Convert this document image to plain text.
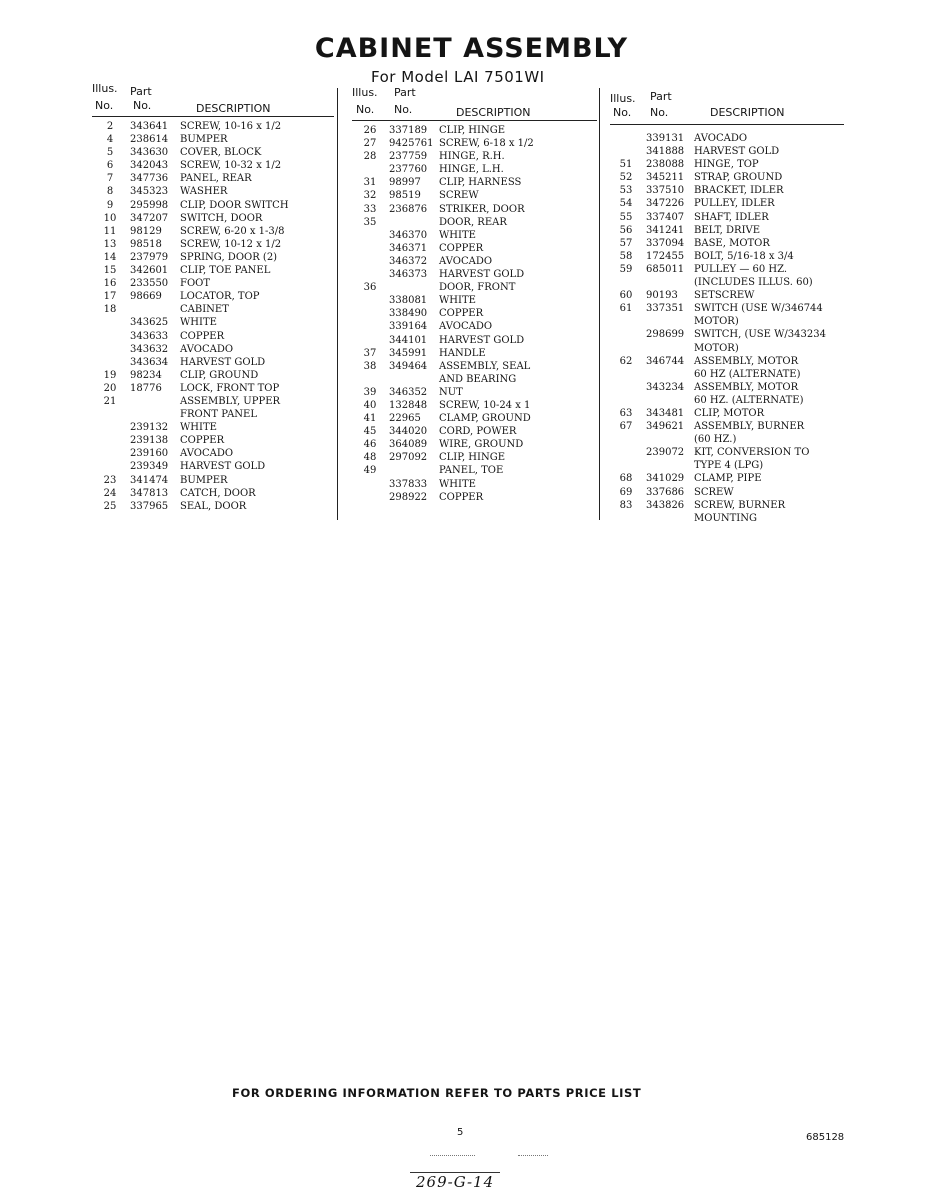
CABINET ASSEMBLY
For Model LAI 7501WI
Illus.
No.
Part
No.	DESCRIPTION
2	343641 SCREW, 10-16 x 1/2
4	238614 BUMPER
5	343630 COVER, BLOCK
6	342043 SCREW, 10-32 x 1/2
7	347736 PANEL, REAR
8	345323 WASHER
9	295998 CLIP, DOOR SWITCH
10	347207 SWITCH, DOOR
11	98129 SCREW, 6-20 x 1-3/8
13	98518 SCREW, 10-12 x 1/2
14	237979 SPRING, DOOR (2)
15	342601 CLIP, TOE PANEL
16	233550 FOOT
17	98669 LOCATOR, TOP
18	CABINET
343625 WHITE
343633 COPPER
343632 AVOCADO
343634 HARVEST GOLD
19	98234 CLIP, GROUND
20	18776 LOCK, FRONT TOP
21	ASSEMBLY, UPPER
FRONT PANEL
239132 WHITE
239138 COPPER
239160 AVOCADO
239349 HARVEST GOLD
23	341474 BUMPER
24	347813 CATCH, DOOR
25	337965 SEAL, DOOR
Illus.
No.
Part
No.	DESCRIPTION
26	337189 CLIP, HINGE
27	9425761 SCREW, 6-18 x 1/2
28	237759 HINGE, R.H.
237760 HINGE, L.H.
31	98997 CLIP, HARNESS
32	98519 SCREW
33	236876 STRIKER, DOOR
35	DOOR, REAR
346370 WHITE
346371 COPPER
346372 AVOCADO
346373 HARVEST GOLD
36	DOOR, FRONT
338081 WHITE
338490 COPPER
339164 AVOCADO
344101 HARVEST GOLD
37	345991 HANDLE
38	349464 ASSEMBLY, SEAL
AND BEARING
39	346352 NUT
40	132848 SCREW, 10-24 x 1
41	22965 CLAMP, GROUND
45	344020 CORD, POWER
46	364089 WIRE, GROUND
48	297092 CLIP, HINGE
49	PANEL, TOE
337833 WHITE
298922 COPPER
Illus.
No.
Part
No.	DESCRIPTION
339131 AVOCADO
341888 HARVEST GOLD
51	238088 HINGE, TOP
52	345211 STRAP, GROUND
53	337510 BRACKET, IDLER
54	347226 PULLEY, IDLER
55	337407 SHAFT, IDLER
56	341241 BELT, DRIVE
57	337094 BASE, MOTOR
58	172455 BOLT, 5/16-18 x 3/4
59	685011 PULLEY — 60 HZ.
(INCLUDES ILLUS. 60)
60	90193 SETSCREW
61	337351 SWITCH (USE W/346744
MOTOR)
298699 SWITCH, (USE W/343234
MOTOR)
62	346744 ASSEMBLY, MOTOR
60 HZ (ALTERNATE)
343234 ASSEMBLY, MOTOR
60 HZ. (ALTERNATE)
63	343481 CLIP, MOTOR
67	349621 ASSEMBLY, BURNER
(60 HZ.)
239072 KIT, CONVERSION TO
TYPE 4 (LPG)
68	341029 CLAMP, PIPE
69	337686 SCREW
83	343826 SCREW, BURNER
MOUNTING
FOR ORDERING INFORMATION REFER TO PARTS PRICE LIST
5	685128
269-G-14
